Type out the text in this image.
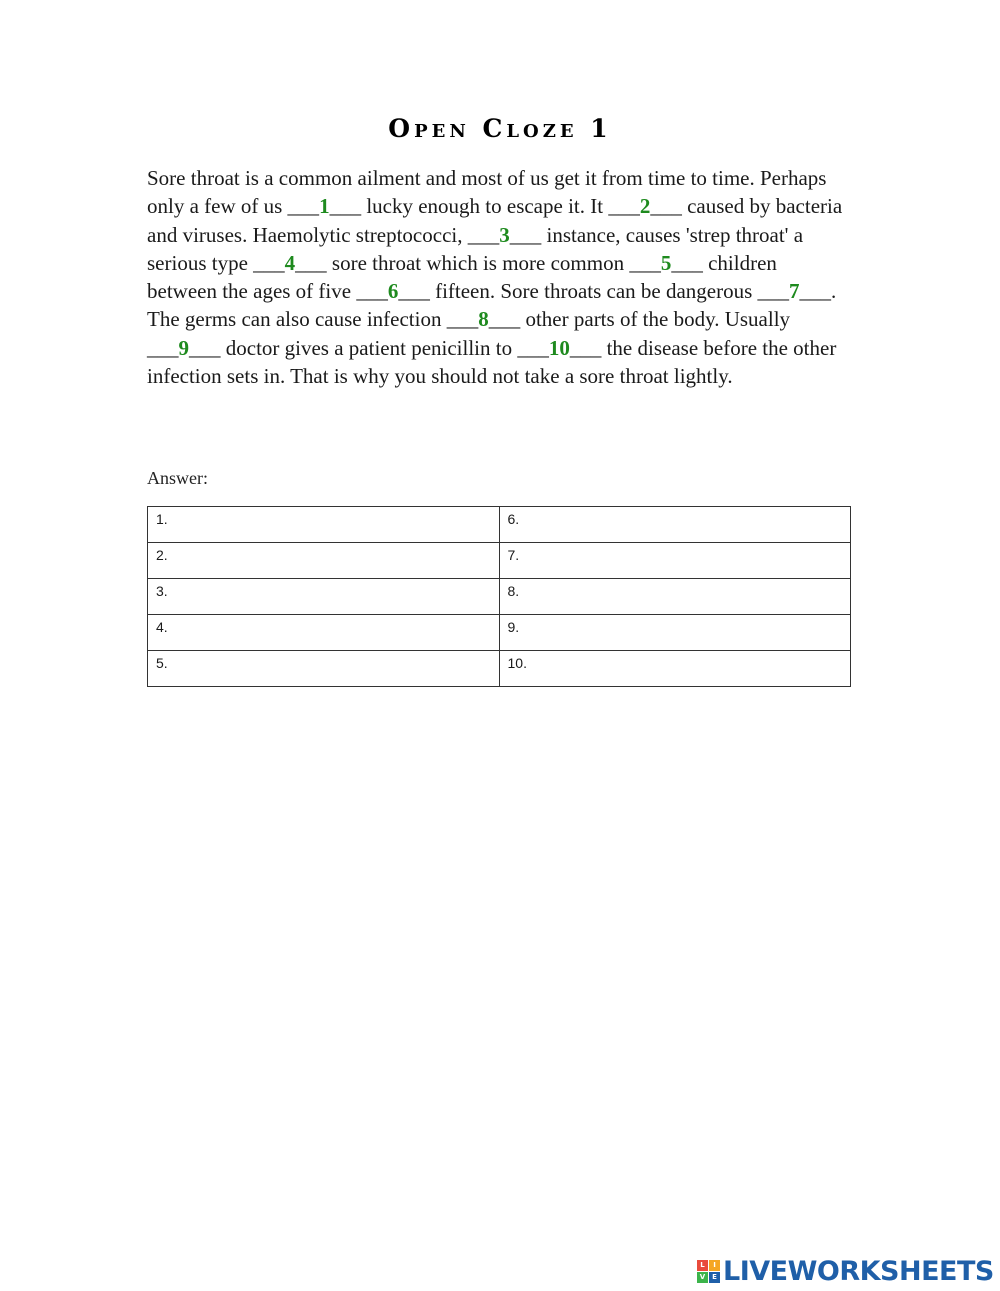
Open Cloze 1
Sore throat is a common ailment and most of us get it from time to time. Perhaps only a few of us ___1___ lucky enough to escape it. It ___2___ caused by bacteria and viruses. Haemolytic streptococci, ___3___ instance, causes 'strep throat' a serious type ___4___ sore throat which is more common ___5___ children between the ages of five ___6___ fifteen. Sore throats can be dangerous ___7___. The germs can also cause infection ___8___ other parts of the body. Usually ___9___ doctor gives a patient penicillin to ___10___ the disease before the other infection sets in. That is why you should not take a sore throat lightly.
Answer:
1.	6.
2.	7.
3.	8.
4.	9.
5.	10.
L	I
V E LIVEWORKSHEETS
